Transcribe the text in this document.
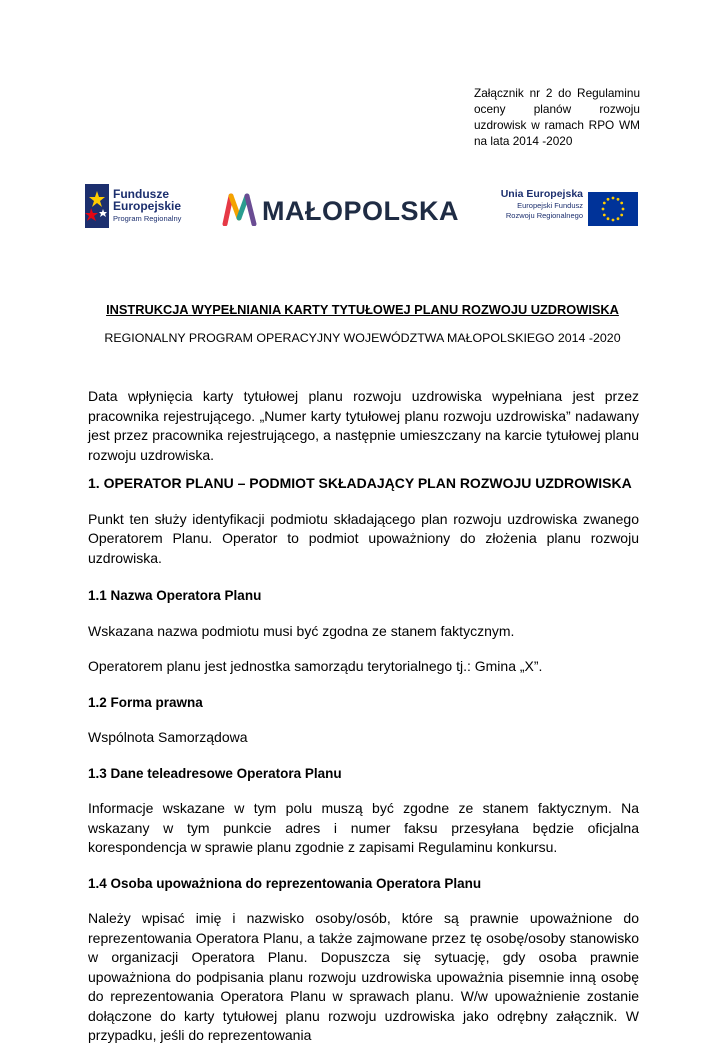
Załącznik nr 2 do Regulaminu
oceny planów rozwoju
uzdrowisk w ramach RPO WM
na lata 2014 -2020
Fundusze
Europejskie
Program Regionalny	MAŁOPOLSKA
Unia Europejska
Europejski Fundusz
Rozwoju Regionalnego
INSTRUKCJA WYPEŁNIANIA KARTY TYTUŁOWEJ PLANU ROZWOJU UZDROWISKA
REGIONALNY PROGRAM OPERACYJNY WOJEWÓDZTWA MAŁOPOLSKIEGO 2014 -2020

Data wpłynięcia karty tytułowej planu rozwoju uzdrowiska wypełniana jest przez pracownika rejestrującego. „Numer karty tytułowej planu rozwoju uzdrowiska” nadawany jest przez pracownika rejestrującego, a następnie umieszczany na karcie tytułowej planu rozwoju uzdrowiska.

1. OPERATOR PLANU – PODMIOT SKŁADAJĄCY PLAN ROZWOJU UZDROWISKA

Punkt ten służy identyfikacji podmiotu składającego plan rozwoju uzdrowiska zwanego Operatorem Planu. Operator to podmiot upoważniony do złożenia planu rozwoju uzdrowiska.

1.1 Nazwa Operatora Planu

Wskazana nazwa podmiotu musi być zgodna ze stanem faktycznym.

Operatorem planu jest jednostka samorządu terytorialnego tj.: Gmina „X”.

1.2 Forma prawna

Wspólnota Samorządowa

1.3 Dane teleadresowe Operatora Planu

Informacje wskazane w tym polu muszą być zgodne ze stanem faktycznym. Na wskazany w tym punkcie adres i numer faksu przesyłana będzie oficjalna korespondencja w sprawie planu zgodnie z zapisami Regulaminu konkursu.

1.4 Osoba upoważniona do reprezentowania Operatora Planu

Należy wpisać imię i nazwisko osoby/osób, które są prawnie upoważnione do reprezentowania Operatora Planu, a także zajmowane przez tę osobę/osoby stanowisko w organizacji Operatora Planu. Dopuszcza się sytuację, gdy osoba prawnie upoważniona do podpisania planu rozwoju uzdrowiska upoważnia pisemnie inną osobę do reprezentowania Operatora Planu w sprawach planu. W/w upoważnienie zostanie dołączone do karty tytułowej planu rozwoju uzdrowiska jako odrębny załącznik. W przypadku, jeśli do reprezentowania
